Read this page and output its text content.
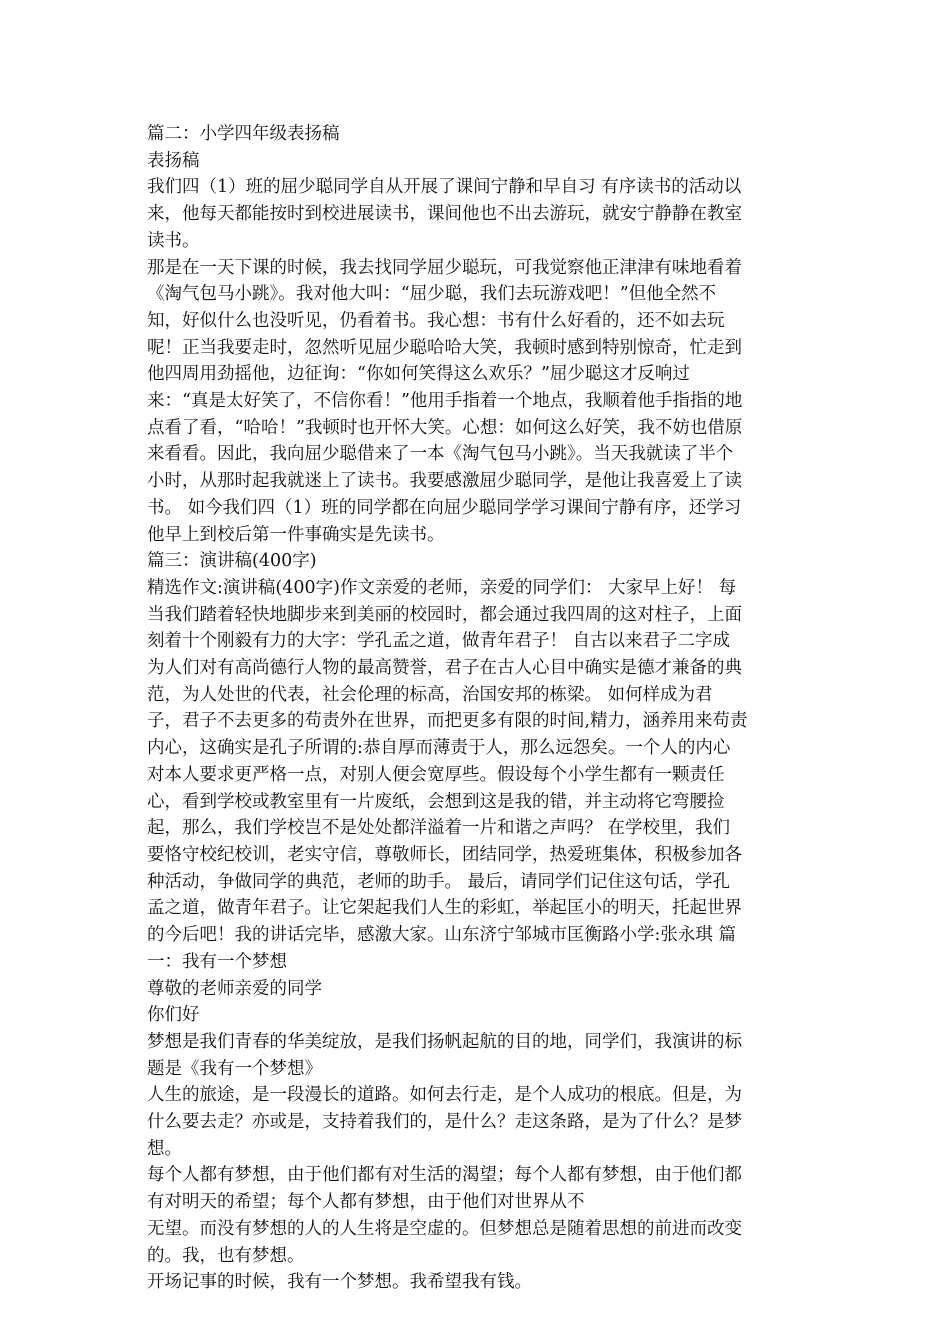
篇二：小学四年级表扬稿

表扬稿

我们四（1）班的屈少聪同学自从开展了课间宁静和早自习 有序读书的活动以

来，他每天都能按时到校进展读书，课间他也不出去游玩，就安宁静静在教室

读书。

那是在一天下课的时候，我去找同学屈少聪玩，可我觉察他正津津有味地看着

《淘气包马小跳》。我对他大叫：“屈少聪，我们去玩游戏吧！”但他全然不

知，好似什么也没听见，仍看着书。我心想：书有什么好看的，还不如去玩

呢！正当我要走时，忽然听见屈少聪哈哈大笑，我顿时感到特别惊奇，忙走到

他四周用劲摇他，边征询：“你如何笑得这么欢乐？”屈少聪这才反响过

来：“真是太好笑了，不信你看！”他用手指着一个地点，我顺着他手指指的地

点看了看，“哈哈！”我顿时也开怀大笑。心想：如何这么好笑，我不妨也借原

来看看。因此，我向屈少聪借来了一本《淘气包马小跳》。当天我就读了半个

小时，从那时起我就迷上了读书。我要感激屈少聪同学，是他让我喜爱上了读

书。 如今我们四（1）班的同学都在向屈少聪同学学习课间宁静有序，还学习

他早上到校后第一件事确实是先读书。

篇三：演讲稿(400字)

精选作文:演讲稿(400字)作文亲爱的老师，亲爱的同学们： 大家早上好！ 每

当我们踏着轻快地脚步来到美丽的校园时，都会通过我四周的这对柱子，上面

刻着十个刚毅有力的大字：学孔孟之道，做青年君子！ 自古以来君子二字成

为人们对有高尚德行人物的最高赞誉，君子在古人心目中确实是德才兼备的典

范，为人处世的代表，社会伦理的标高，治国安邦的栋梁。 如何样成为君

子，君子不去更多的苟责外在世界，而把更多有限的时间,精力，涵养用来苟责

内心，这确实是孔子所谓的:恭自厚而薄责于人，那么远怨矣。一个人的内心

对本人要求更严格一点，对别人便会宽厚些。假设每个小学生都有一颗责任

心，看到学校或教室里有一片废纸，会想到这是我的错，并主动将它弯腰捡

起，那么，我们学校岂不是处处都洋溢着一片和谐之声吗？ 在学校里，我们

要恪守校纪校训，老实守信，尊敬师长，团结同学，热爱班集体，积极参加各

种活动，争做同学的典范，老师的助手。 最后，请同学们记住这句话，学孔

孟之道，做青年君子。让它架起我们人生的彩虹，举起匡小的明天，托起世界

的今后吧！我的讲话完毕，感激大家。山东济宁邹城市匡衡路小学:张永琪 篇

一：我有一个梦想

尊敬的老师亲爱的同学

你们好

梦想是我们青春的华美绽放，是我们扬帆起航的目的地，同学们，我演讲的标

题是《我有一个梦想》

人生的旅途，是一段漫长的道路。如何去行走，是个人成功的根底。但是，为

什么要去走？亦或是，支持着我们的，是什么？走这条路，是为了什么？是梦

想。

每个人都有梦想，由于他们都有对生活的渴望；每个人都有梦想，由于他们都

有对明天的希望；每个人都有梦想，由于他们对世界从不

无望。而没有梦想的人的人生将是空虚的。但梦想总是随着思想的前进而改变

的。我，也有梦想。

开场记事的时候，我有一个梦想。我希望我有钱。
